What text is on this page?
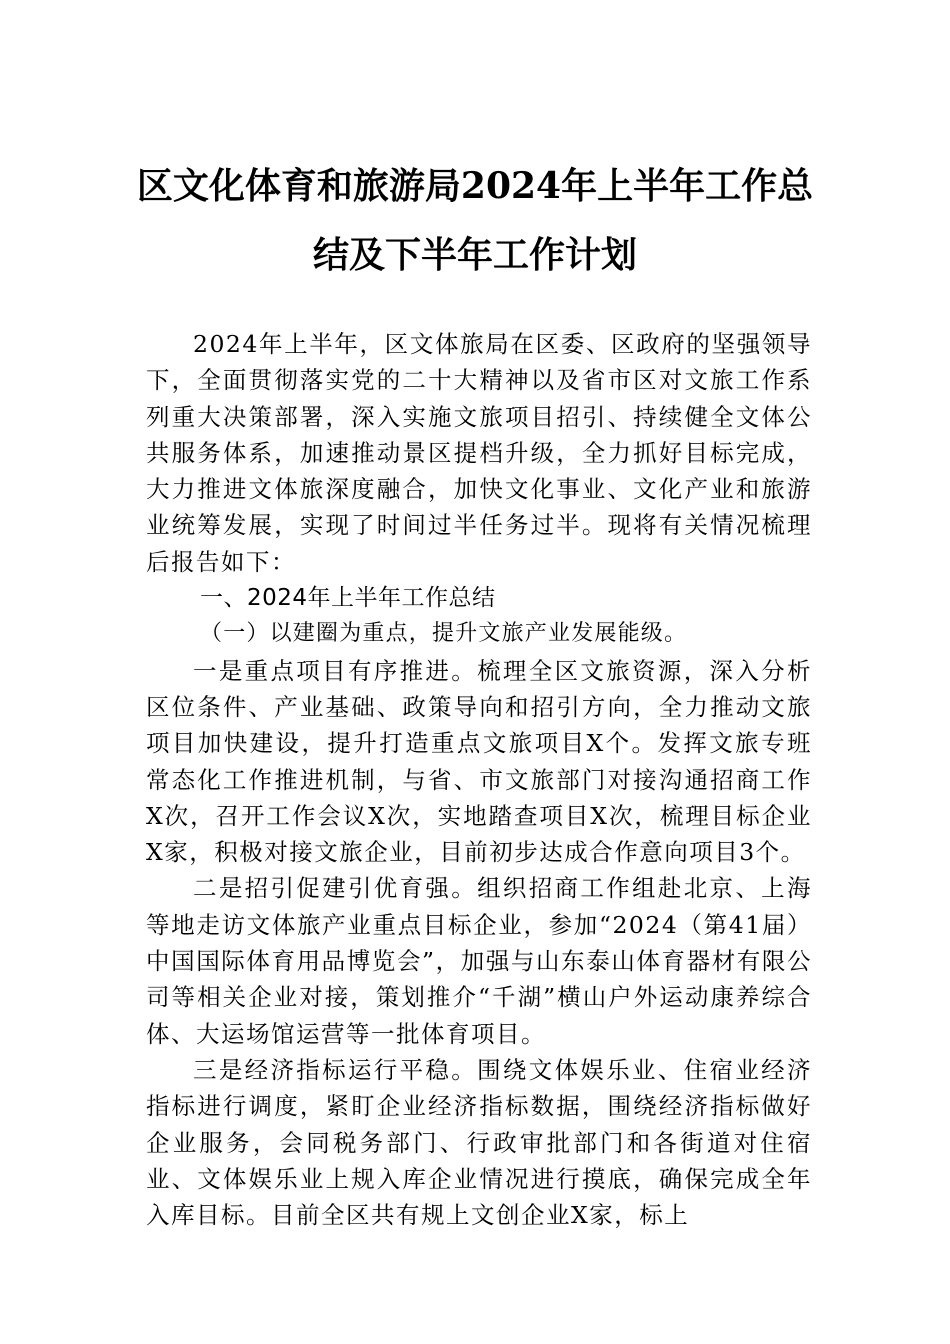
区文化体育和旅游局2024年上半年工作总
结及下半年工作计划

2024年上半年，区文体旅局在区委、区政府的坚强领导下，全面贯彻落实党的二十大精神以及省市区对文旅工作系列重大决策部署，深入实施文旅项目招引、持续健全文体公共服务体系，加速推动景区提档升级，全力抓好目标完成，大力推进文体旅深度融合，加快文化事业、文化产业和旅游业统筹发展，实现了时间过半任务过半。现将有关情况梳理后报告如下：

一、2024年上半年工作总结

（一）以建圈为重点，提升文旅产业发展能级。

一是重点项目有序推进。梳理全区文旅资源，深入分析区位条件、产业基础、政策导向和招引方向，全力推动文旅项目加快建设，提升打造重点文旅项目X个。发挥文旅专班常态化工作推进机制，与省、市文旅部门对接沟通招商工作X次，召开工作会议X次，实地踏查项目X次，梳理目标企业X家，积极对接文旅企业，目前初步达成合作意向项目3个。

二是招引促建引优育强。组织招商工作组赴北京、上海等地走访文体旅产业重点目标企业，参加“2024（第41届）中国国际体育用品博览会”，加强与山东泰山体育器材有限公司等相关企业对接，策划推介“千湖”横山户外运动康养综合体、大运场馆运营等一批体育项目。

三是经济指标运行平稳。围绕文体娱乐业、住宿业经济指标进行调度，紧盯企业经济指标数据，围绕经济指标做好企业服务，会同税务部门、行政审批部门和各街道对住宿业、文体娱乐业上规入库企业情况进行摸底，确保完成全年入库目标。目前全区共有规上文创企业X家，标上
